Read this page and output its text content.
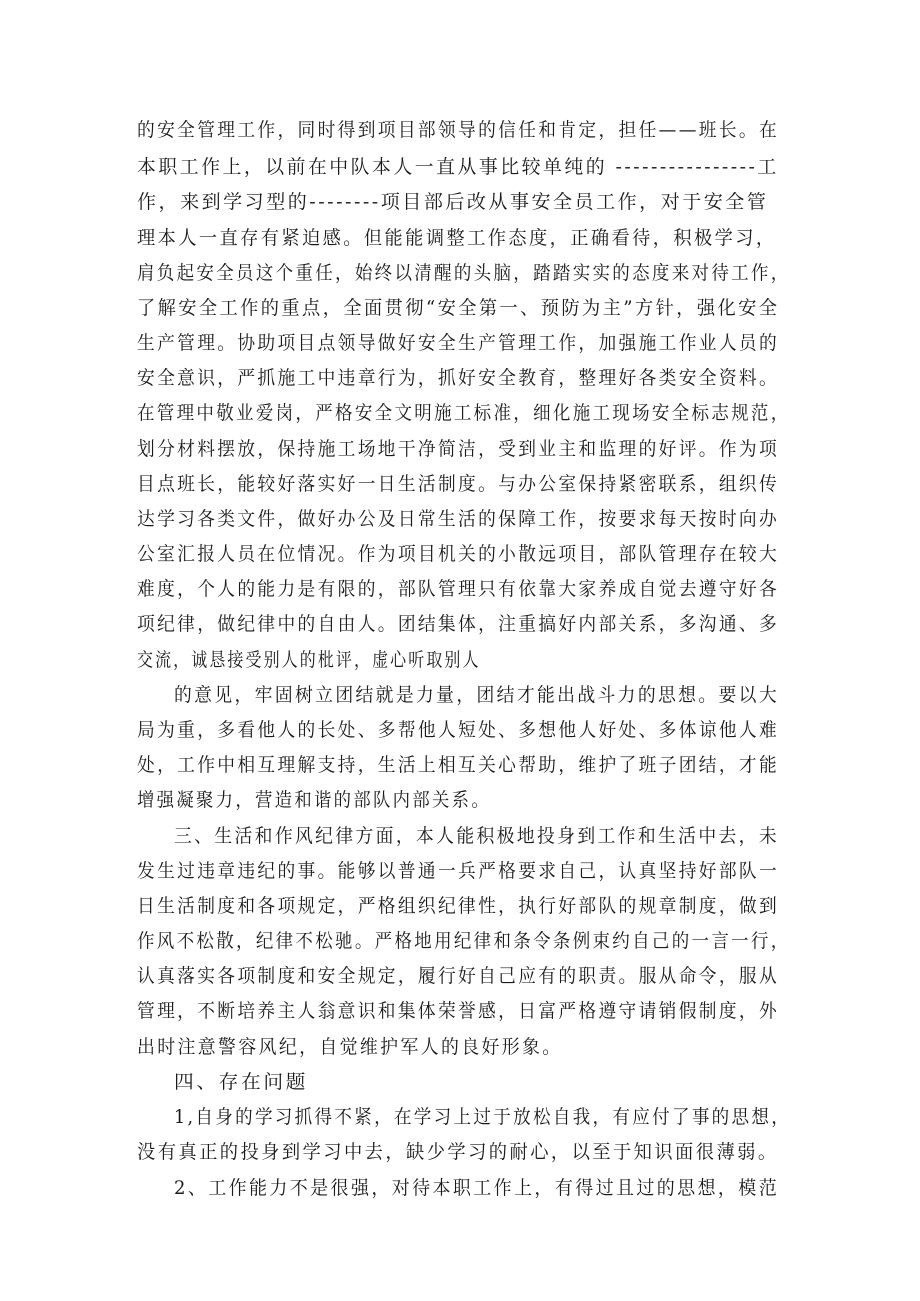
的安全管理工作，同时得到项目部领导的信任和肯定，担任——班长。在
本职工作上，以前在中队本人一直从事比较单纯的 ----------------工
作，来到学习型的--------项目部后改从事安全员工作，对于安全管
理本人一直存有紧迫感。但能能调整工作态度，正确看待，积极学习，
肩负起安全员这个重任，始终以清醒的头脑，踏踏实实的态度来对待工作，
了解安全工作的重点，全面贯彻“安全第一、预防为主”方针，强化安全
生产管理。协助项目点领导做好安全生产管理工作，加强施工作业人员的
安全意识，严抓施工中违章行为，抓好安全教育，整理好各类安全资料。
在管理中敬业爱岗，严格安全文明施工标准，细化施工现场安全标志规范，
划分材料摆放，保持施工场地干净简洁，受到业主和监理的好评。作为项
目点班长，能较好落实好一日生活制度。与办公室保持紧密联系，组织传
达学习各类文件，做好办公及日常生活的保障工作，按要求每天按时向办
公室汇报人员在位情况。作为项目机关的小散远项目，部队管理存在较大
难度，个人的能力是有限的，部队管理只有依靠大家养成自觉去遵守好各
项纪律，做纪律中的自由人。团结集体，注重搞好内部关系，多沟通、多
交流，诚恳接受别人的枇评，虚心听取别人
的意见，牢固树立团结就是力量，团结才能出战斗力的思想。要以大
局为重，多看他人的长处、多帮他人短处、多想他人好处、多体谅他人难
处，工作中相互理解支持，生活上相互关心帮助，维护了班子团结，才能
增强凝聚力，营造和谐的部队内部关系。
三、生活和作风纪律方面，本人能积极地投身到工作和生活中去，未
发生过违章违纪的事。能够以普通一兵严格要求自己，认真坚持好部队一
日生活制度和各项规定，严格组织纪律性，执行好部队的规章制度，做到
作风不松散，纪律不松驰。严格地用纪律和条令条例束约自己的一言一行，
认真落实各项制度和安全规定，履行好自己应有的职责。服从命令，服从
管理，不断培养主人翁意识和集体荣誉感，日富严格遵守请销假制度，外
出时注意警容风纪，自觉维护军人的良好形象。
四、存在问题
1,自身的学习抓得不紧，在学习上过于放松自我，有应付了事的思想，
没有真正的投身到学习中去，缺少学习的耐心，以至于知识面很薄弱。
2、工作能力不是很强，对待本职工作上，有得过且过的思想，模范
